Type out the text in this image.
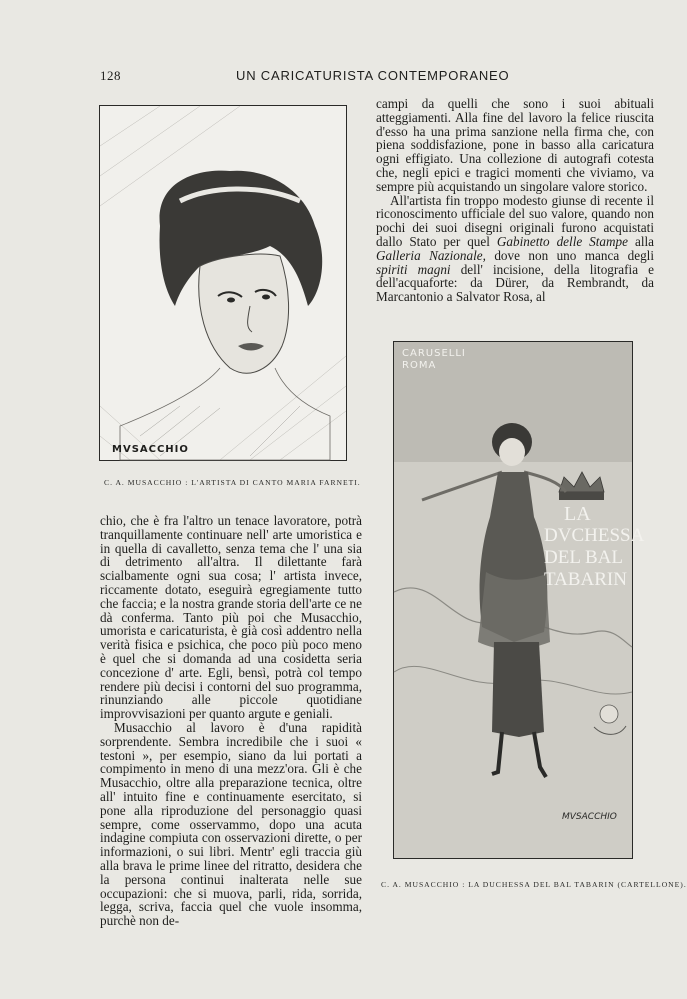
128	UN CARICATURISTA CONTEMPORANEO
MVSACCHIO
C. A. MUSACCHIO : L'ARTISTA DI CANTO MARIA FARNETI.

campi da quelli che sono i suoi abituali atteggiamenti. Alla fine del lavoro la felice riuscita d'esso ha una prima sanzione nella firma che, con piena soddisfazione, pone in basso alla caricatura ogni effigiato. Una collezione di autografi cotesta che, negli epici e tragici momenti che viviamo, va sempre più acquistando un singolare valore storico.

All'artista fin troppo modesto giunse di recente il riconoscimento ufficiale del suo valore, quando non pochi dei suoi disegni originali furono acquistati dallo Stato per quel Gabinetto delle Stampe alla Galleria Nazionale, dove non uno manca degli spiriti magni dell' incisione, della litografia e dell'acquaforte: da Dürer, da Rembrandt, da Marcantonio a Salvator Rosa, al

CARUSELLI ROMA
LA
DVCHESSA
DEL BAL
TABARIN
MVSACCHIO
C. A. MUSACCHIO : LA DUCHESSA DEL BAL TABARIN (CARTELLONE).

chio, che è fra l'altro un tenace lavoratore, potrà tranquillamente continuare nell' arte umoristica e in quella di cavalletto, senza tema che l' una sia di detrimento all'altra. Il dilettante farà scialbamente ogni sua cosa; l' artista invece, riccamente dotato, eseguirà egregiamente tutto che faccia; e la nostra grande storia dell'arte ce ne dà conferma. Tanto più poi che Musacchio, umorista e caricaturista, è già così addentro nella verità fisica e psichica, che poco più poco meno è quel che si domanda ad una cosidetta seria concezione d' arte. Egli, bensì, potrà col tempo rendere più decisi i contorni del suo programma, rinunziando alle piccole quotidiane improvvisazioni per quanto argute e geniali.

Musacchio al lavoro è d'una rapidità sorprendente. Sembra incredibile che i suoi « testoni », per esempio, siano da lui portati a compimento in meno di una mezz'ora. Gli è che Musacchio, oltre alla preparazione tecnica, oltre all' intuito fine e continuamente esercitato, si pone alla riproduzione del personaggio quasi sempre, come osservammo, dopo una acuta indagine compiuta con osservazioni dirette, o per informazioni, o sui libri. Mentr' egli traccia giù alla brava le prime linee del ritratto, desidera che la persona continui inalterata nelle sue occupazioni: che si muova, parli, rida, sorrida, legga, scriva, faccia quel che vuole insomma, purchè non de-
